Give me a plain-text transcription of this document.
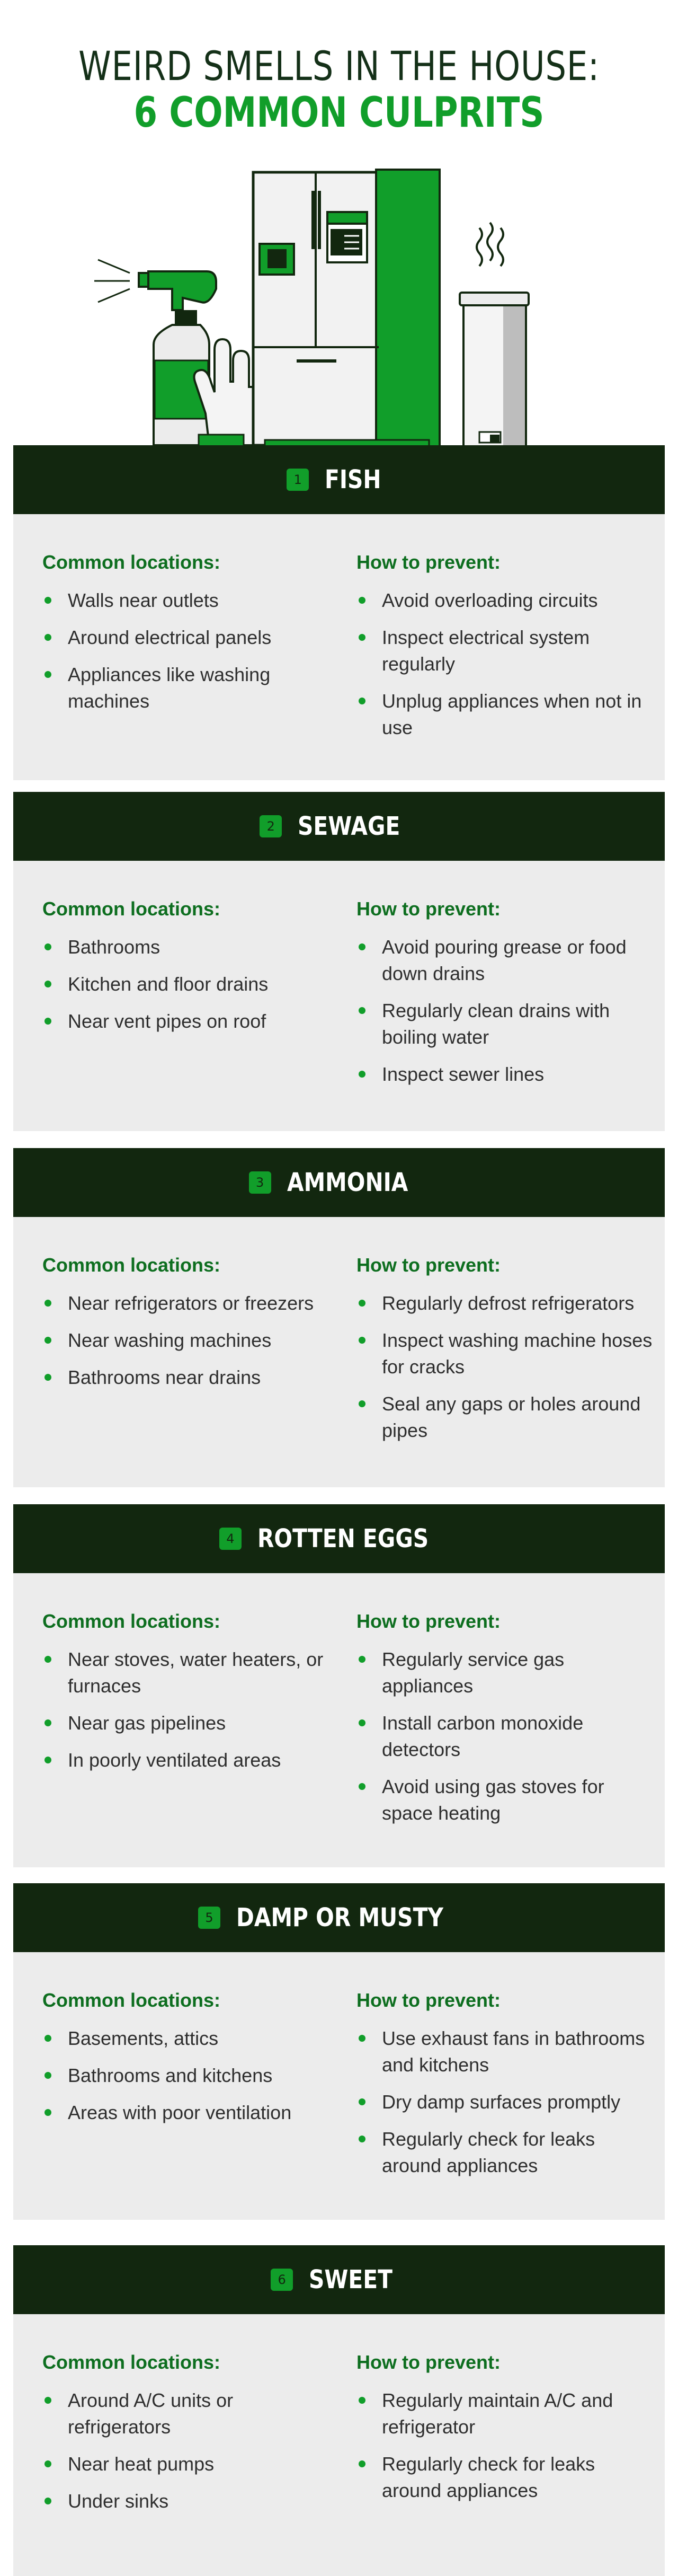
WEIRD SMELLS IN THE HOUSE:
6 COMMON CULPRITS
1 FISH
Common locations:
Walls near outlets
Around electrical panels
Appliances like washing machines
How to prevent:
Avoid overloading circuits
Inspect electrical system regularly
Unplug appliances when not in use
2 SEWAGE
Common locations:
Bathrooms
Kitchen and floor drains
Near vent pipes on roof
How to prevent:
Avoid pouring grease or food down drains
Regularly clean drains with boiling water
Inspect sewer lines
3 AMMONIA
Common locations:
Near refrigerators or freezers
Near washing machines
Bathrooms near drains
How to prevent:
Regularly defrost refrigerators
Inspect washing machine hoses for cracks
Seal any gaps or holes around pipes
4 ROTTEN EGGS
Common locations:
Near stoves, water heaters, or furnaces
Near gas pipelines
In poorly ventilated areas
How to prevent:
Regularly service gas appliances
Install carbon monoxide detectors
Avoid using gas stoves for space heating
5 DAMP OR MUSTY
Common locations:
Basements, attics
Bathrooms and kitchens
Areas with poor ventilation
How to prevent:
Use exhaust fans in bathrooms and kitchens
Dry damp surfaces promptly
Regularly check for leaks around appliances
6 SWEET
Common locations:
Around A/C units or refrigerators
Near heat pumps
Under sinks
How to prevent:
Regularly maintain A/C and refrigerator
Regularly check for leaks around appliances
